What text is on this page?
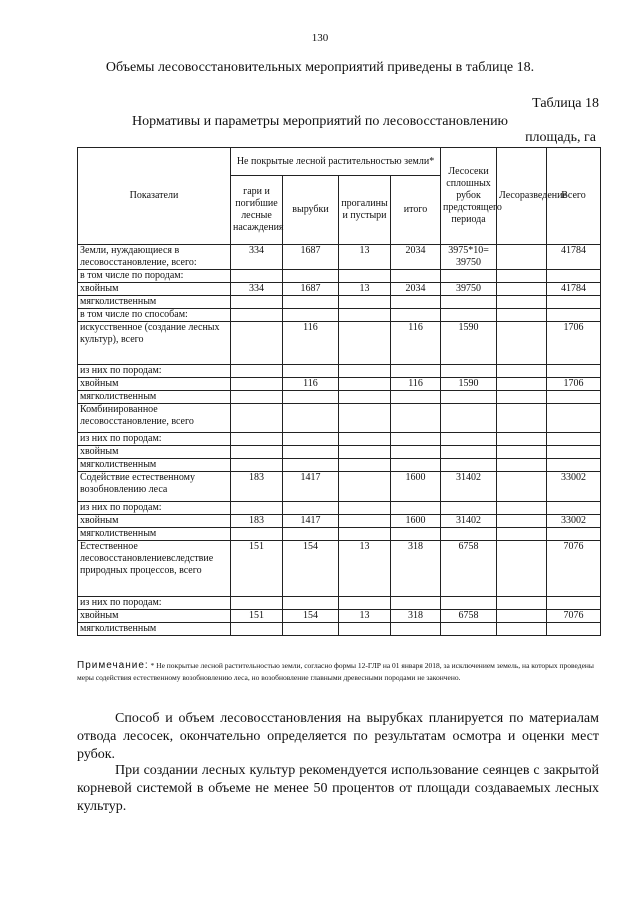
130
Объемы лесовосстановительных мероприятий приведены в таблице 18.
Таблица 18
Нормативы и параметры мероприятий по лесовосстановлению
площадь, га
Показатели	Не покрытые лесной растительностью земли*				Лесосеки сплошных рубок предстоящего периода	Лесоразведение	Всего
	гари и погибшие лесные насаждения	вырубки	прогалины и пустыри	итого			
Земли, нуждающиеся в лесовосстановление, всего:	334	1687	13	2034	3975*10= 39750		41784
в том числе по породам:							
хвойным	334	1687	13	2034	39750		41784
мягколиственным							
в том числе по способам:							
искусственное (создание лесных культур), всего		116		116	1590		1706
из них по породам:							
хвойным		116		116	1590		1706
мягколиственным							
Комбинированное лесовосстановление, всего							
из них по породам:							
хвойным							
мягколиственным							
Содействие естественному возобновлению леса	183	1417		1600	31402		33002
из них по породам:							
хвойным	183	1417		1600	31402		33002
мягколиственным							
Естественное лесовосстановлениевследствие природных процессов, всего	151	154	13	318	6758		7076
из них по породам:							
хвойным	151	154	13	318	6758		7076
мягколиственным							
Примечание: * Не покрытые лесной растительностью земли, согласно формы 12-ГЛР на 01 января 2018, за исключением земель, на которых проведены меры содействия естественному возобновлению леса, но возобновление главными древесными породами не закончено.
Способ и объем лесовосстановления на вырубках планируется по материалам отвода лесосек, окончательно определяется по результатам осмотра и оценки мест рубок.
При создании лесных культур рекомендуется использование сеянцев с закрытой корневой системой в объеме не менее 50 процентов от площади создаваемых лесных культур.
